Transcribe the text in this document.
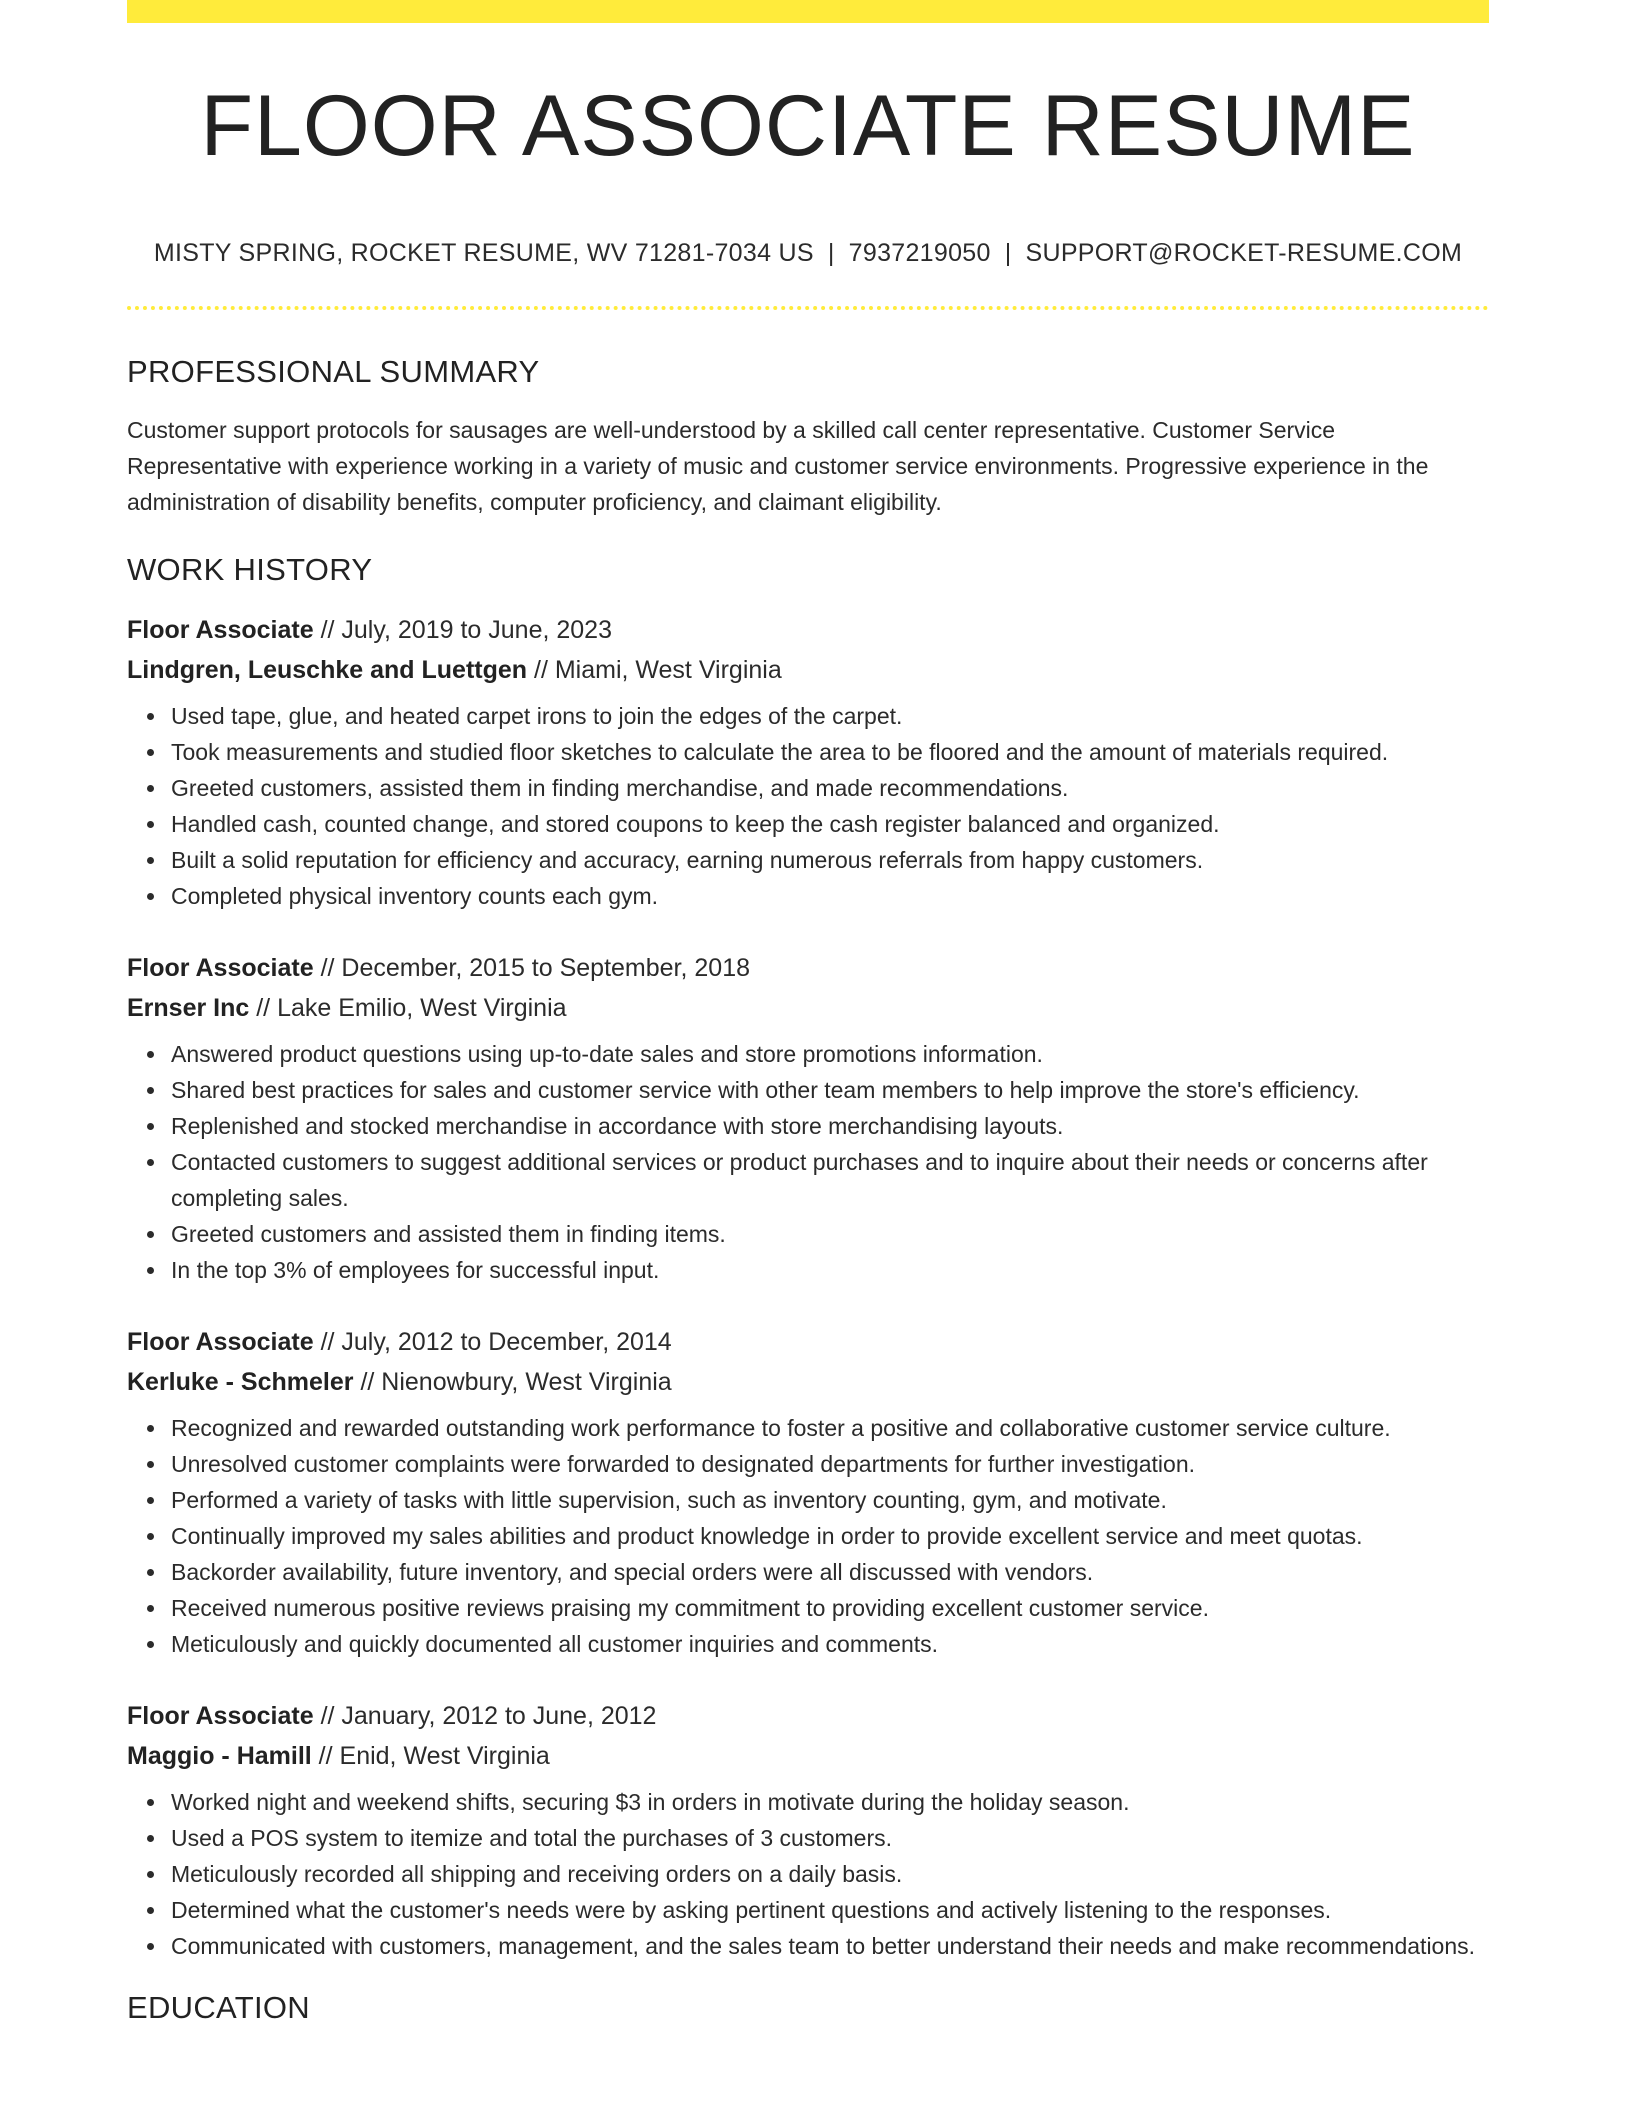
FLOOR ASSOCIATE RESUME
MISTY SPRING, ROCKET RESUME, WV 71281-7034 US | 7937219050 | SUPPORT@ROCKET-RESUME.COM
PROFESSIONAL SUMMARY

Customer support protocols for sausages are well-understood by a skilled call center representative. Customer Service Representative with experience working in a variety of music and customer service environments. Progressive experience in the administration of disability benefits, computer proficiency, and claimant eligibility.

WORK HISTORY
Floor Associate // July, 2019 to June, 2023
Lindgren, Leuschke and Luettgen // Miami, West Virginia
Used tape, glue, and heated carpet irons to join the edges of the carpet.
Took measurements and studied floor sketches to calculate the area to be floored and the amount of materials required.
Greeted customers, assisted them in finding merchandise, and made recommendations.
Handled cash, counted change, and stored coupons to keep the cash register balanced and organized.
Built a solid reputation for efficiency and accuracy, earning numerous referrals from happy customers.
Completed physical inventory counts each gym.
Floor Associate // December, 2015 to September, 2018
Ernser Inc // Lake Emilio, West Virginia
Answered product questions using up-to-date sales and store promotions information.
Shared best practices for sales and customer service with other team members to help improve the store's efficiency.
Replenished and stocked merchandise in accordance with store merchandising layouts.
Contacted customers to suggest additional services or product purchases and to inquire about their needs or concerns after completing sales.
Greeted customers and assisted them in finding items.
In the top 3% of employees for successful input.
Floor Associate // July, 2012 to December, 2014
Kerluke - Schmeler // Nienowbury, West Virginia
Recognized and rewarded outstanding work performance to foster a positive and collaborative customer service culture.
Unresolved customer complaints were forwarded to designated departments for further investigation.
Performed a variety of tasks with little supervision, such as inventory counting, gym, and motivate.
Continually improved my sales abilities and product knowledge in order to provide excellent service and meet quotas.
Backorder availability, future inventory, and special orders were all discussed with vendors.
Received numerous positive reviews praising my commitment to providing excellent customer service.
Meticulously and quickly documented all customer inquiries and comments.
Floor Associate // January, 2012 to June, 2012
Maggio - Hamill // Enid, West Virginia
Worked night and weekend shifts, securing $3 in orders in motivate during the holiday season.
Used a POS system to itemize and total the purchases of 3 customers.
Meticulously recorded all shipping and receiving orders on a daily basis.
Determined what the customer's needs were by asking pertinent questions and actively listening to the responses.
Communicated with customers, management, and the sales team to better understand their needs and make recommendations.
EDUCATION
